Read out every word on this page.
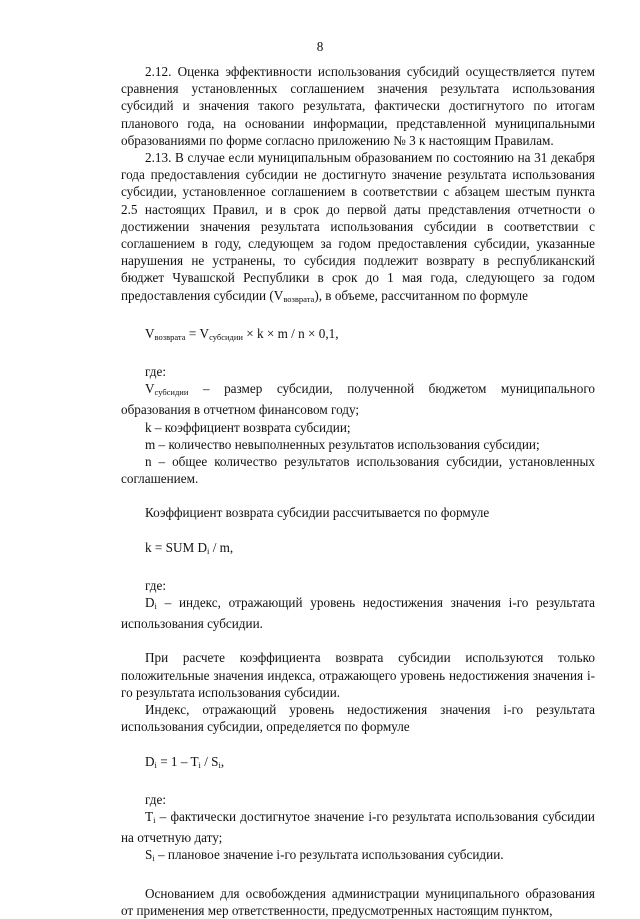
8

2.12. Оценка эффективности использования субсидий осуществляется путем сравнения установленных соглашением значения результата использования субсидий и значения такого результата, фактически достигнутого по итогам планового года, на основании информации, представленной муниципальными образованиями по форме согласно приложению № 3 к настоящим Правилам.

2.13. В случае если муниципальным образованием по состоянию на 31 декабря года предоставления субсидии не достигнуто значение результата использования субсидии, установленное соглашением в соответствии с абзацем шестым пункта 2.5 настоящих Правил, и в срок до первой даты представления отчетности о достижении значения результата использования субсидии в соответствии с соглашением в году, следующем за годом предоставления субсидии, указанные нарушения не устранены, то субсидия подлежит возврату в республиканский бюджет Чувашской Республики в срок до 1 мая года, следующего за годом предоставления субсидии $(V_{возврата})$, в объеме, рассчитанном по формуле

$V_{возврата} = V_{субсидии} \times k \times m / n \times 0,1$,

где:

$V_{субсидии}$ – размер субсидии, полученной бюджетом муниципального образования в отчетном финансовом году;

k – коэффициент возврата субсидии;

m – количество невыполненных результатов использования субсидии;

n – общее количество результатов использования субсидии, установленных соглашением.

Коэффициент возврата субсидии рассчитывается по формуле

k = SUM $D_i$ / m,

где:

$D_i$ – индекс, отражающий уровень недостижения значения i-го результата использования субсидии.

При расчете коэффициента возврата субсидии используются только положительные значения индекса, отражающего уровень недостижения значения i-го результата использования субсидии.

Индекс, отражающий уровень недостижения значения i-го результата использования субсидии, определяется по формуле

$D_i = 1 - T_i / S_i$,

где:

$T_i$ – фактически достигнутое значение i-го результата использования субсидии на отчетную дату;

$S_i$ – плановое значение i-го результата использования субсидии.

Основанием для освобождения администрации муниципального образования от применения мер ответственности, предусмотренных настоящим пунктом,
